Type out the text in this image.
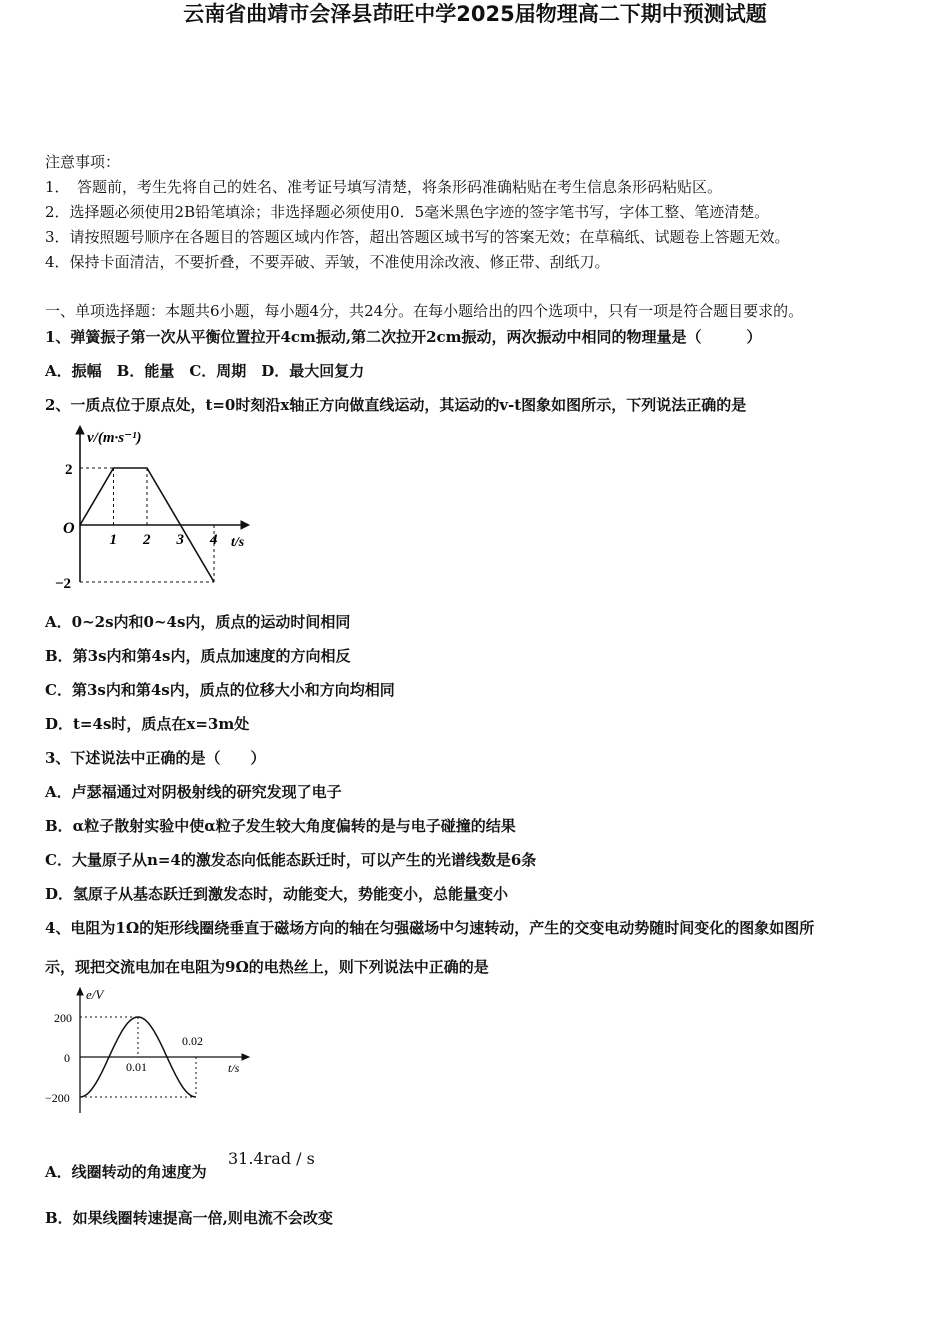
云南省曲靖市会泽县茚旺中学2025届物理高二下期中预测试题
注意事项：
1．　答题前，考生先将自己的姓名、准考证号填写清楚，将条形码准确粘贴在考生信息条形码粘贴区。
2．选择题必须使用2B铅笔填涂；非选择题必须使用0．5毫米黑色字迹的签字笔书写，字体工整、笔迹清楚。
3．请按照题号顺序在各题目的答题区域内作答，超出答题区域书写的答案无效；在草稿纸、试题卷上答题无效。
4．保持卡面清洁，不要折叠，不要弄破、弄皱，不准使用涂改液、修正带、刮纸刀。
一、单项选择题：本题共6小题，每小题4分，共24分。在每小题给出的四个选项中，只有一项是符合题目要求的。
1、弹簧振子第一次从平衡位置拉开4cm振动,第二次拉开2cm振动，两次振动中相同的物理量是（　　　）
A．振幅　B．能量　C．周期　D．最大回复力
2、一质点位于原点处，t=0时刻沿x轴正方向做直线运动，其运动的v-t图象如图所示，下列说法正确的是
1 2 3 4
2
−2
v/(m·s⁻¹)
t/s
O
A．0~2s内和0~4s内，质点的运动时间相同
B．第3s内和第4s内，质点加速度的方向相反
C．第3s内和第4s内，质点的位移大小和方向均相同
D．t=4s时，质点在x=3m处
3、下述说法中正确的是（　　）
A．卢瑟福通过对阴极射线的研究发现了电子
B．α粒子散射实验中使α粒子发生较大角度偏转的是与电子碰撞的结果
C．大量原子从n=4的激发态向低能态跃迁时，可以产生的光谱线数是6条
D．氢原子从基态跃迁到激发态时，动能变大，势能变小，总能量变小
4、电阻为1Ω的矩形线圈绕垂直于磁场方向的轴在匀强磁场中匀速转动，产生的交变电动势随时间变化的图象如图所
示，现把交流电加在电阻为9Ω的电热丝上，则下列说法中正确的是
0.01
0.02
200
0
−200
e/V
t/s
A．线圈转动的角速度为
31.4rad / s
B．如果线圈转速提高一倍,则电流不会改变
